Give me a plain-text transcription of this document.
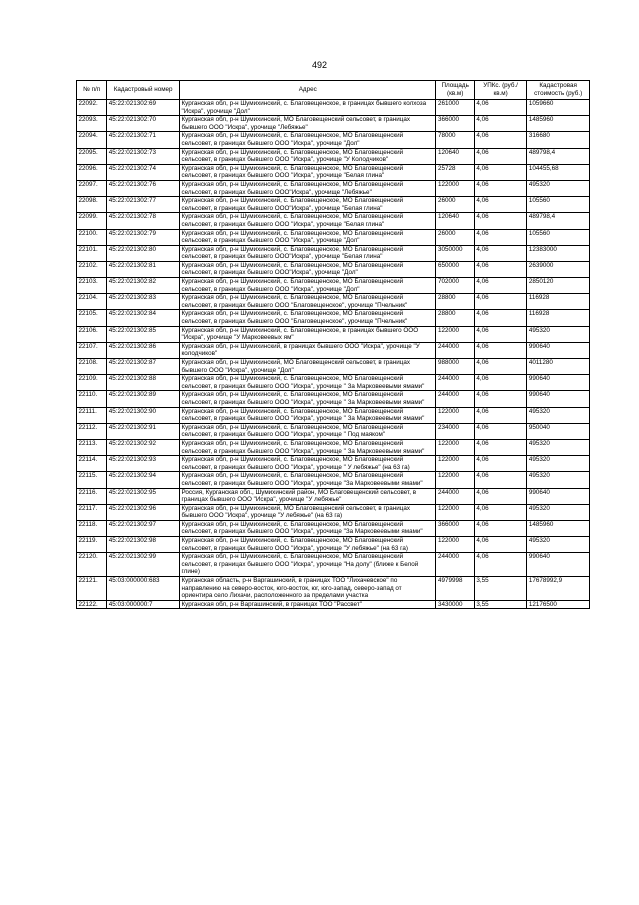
492
№ п/п	Кадастровый номер	Адрес	Площадь (кв.м)	УПКс. (руб./кв.м)	Кадастровая стоимость (руб.)
22092.	45:22:021302:69	Курганская обл, р-н Шумихинский, с. Благовещенское, в границах бывшего колхоза "Искра", урочище "Дол"	261000	4,06	1059660
22093.	45:22:021302:70	Курганская обл, р-н Шумихинский, МО Благовещенский сельсовет, в границах бывшего ООО "Искра", урочище "Лебяжье"	366000	4,06	1485960
22094.	45:22:021302:71	Курганская обл, р-н Шумихинский, с. Благовещенское, МО Благовещенский сельсовет, в границах бывшего ООО "Искра", урочище "Дол"	78000	4,06	316680
22095.	45:22:021302:73	Курганская обл, р-н Шумихинский, с. Благовещенское, МО Благовещенский сельсовет, в границах бывшего ООО "Искра", урочище "У Колодчиков"	120640	4,06	489798,4
22096.	45:22:021302:74	Курганская обл, р-н Шумихинский, с. Благовещенское, МО Благовещенский сельсовет, в границах бывшего ООО "Искра", урочище "Белая глина"	25728	4,06	104455,68
22097.	45:22:021302:76	Курганская обл, р-н Шумихинский, с. Благовещенское, МО Благовещенский сельсовет, в границах бывшего ООО"Искра", урочище "Лебяжье"	122000	4,06	495320
22098.	45:22:021302:77	Курганская обл, р-н Шумихинский, с. Благовещенское, МО Благовещенский сельсовет, в границах бывшего ООО"Искра", урочище "Белая глина"	26000	4,06	105560
22099.	45:22:021302:78	Курганская обл, р-н Шумихинский, с. Благовещенское, МО Благовещенский сельсовет, в границах бывшего ООО "Искра", урочище "Белая глина"	120640	4,06	489798,4
22100.	45:22:021302:79	Курганская обл, р-н Шумихинский, с. Благовещенское, МО Благовещенский сельсовет, в границах бывшего ООО "Искра", урочище "Дол"	26000	4,06	105560
22101.	45:22:021302:80	Курганская обл, р-н Шумихинский, с. Благовещенское, МО Благовещенский сельсовет, в границах бывшего ООО"Искра", урочище "Белая глина"	3050000	4,06	12383000
22102.	45:22:021302:81	Курганская обл, р-н Шумихинский, с. Благовещенское, МО Благовещенский сельсовет, в границах бывшего ООО"Искра", урочище "Дол"	650000	4,06	2639000
22103.	45:22:021302:82	Курганская обл, р-н Шумихинский, с. Благовещенское, МО Благовещенский сельсовет, в границах бывшего ООО "Искра", урочище "Дол"	702000	4,06	2850120
22104.	45:22:021302:83	Курганская обл, р-н Шумихинский, с. Благовещенское, МО Благовещенский сельсовет, в границах бывшего ООО "Благовещенское", урочище "Пчельник"	28800	4,06	116928
22105.	45:22:021302:84	Курганская обл, р-н Шумихинский, с. Благовещенское, МО Благовещенский сельсовет, в границах бывшего ООО "Благовещенское", урочище "Пчельник"	28800	4,06	116928
22106.	45:22:021302:85	Курганская обл, р-н Шумихинский, с. Благовещенское, в границах бывшего ООО "Искра", урочище "У Марковеевых ям"	122000	4,06	495320
22107.	45:22:021302:86	Курганская обл, р-н Шумихинский, в границах бывшего ООО "Искра", урочище "У колодчиков"	244000	4,06	990640
22108.	45:22:021302:87	Курганская обл, р-н Шумихинский, МО Благовещенский сельсовет, в границах бывшего ООО "Искра", урочище "Дол"	988000	4,06	4011280
22109.	45:22:021302:88	Курганская обл, р-н Шумихинский, с. Благовещенское, МО Благовещенский сельсовет, в границах бывшего ООО "Искра", урочище " За Марковеевыми ямами"	244000	4,06	990640
22110.	45:22:021302:89	Курганская обл, р-н Шумихинский, с. Благовещенское, МО Благовещенский сельсовет, в границах бывшего ООО "Искра", урочище " За Марковеевыми ямами"	244000	4,06	990640
22111.	45:22:021302:90	Курганская обл, р-н Шумихинский, с. Благовещенское, МО Благовещенский сельсовет, в границах бывшего ООО "Искра", урочище " За Марковеевыми ямами"	122000	4,06	495320
22112.	45:22:021302:91	Курганская обл, р-н Шумихинский, с. Благовещенское, МО Благовещенский сельсовет, в границах бывшего ООО "Искра", урочище " Под маяком"	234000	4,06	950040
22113.	45:22:021302:92	Курганская обл, р-н Шумихинский, с. Благовещенское, МО Благовещенский сельсовет, в границах бывшего ООО "Искра", урочище " За Марковеевыми ямами"	122000	4,06	495320
22114.	45:22:021302:93	Курганская обл, р-н Шумихинский, с. Благовещенское, МО Благовещенский сельсовет, в границах бывшего ООО "Искра", урочище " У лебяжье" (на 63 га)	122000	4,06	495320
22115.	45:22:021302:94	Курганская обл, р-н Шумихинский, с. Благовещенское, МО Благовещенский сельсовет, в границах бывшего ООО "Искра", урочище "За Марковеевыми ямами"	122000	4,06	495320
22116.	45:22:021302:95	Россия, Курганская обл., Шумихинский район, МО Благовещенский сельсовет, в границах бывшего ООО "Искра", урочище "У лебяжье"	244000	4,06	990640
22117.	45:22:021302:96	Курганская обл, р-н Шумихинский, МО Благовещенский сельсовет, в границах бывшего ООО "Искра", урочище "У лебяжье" (на 63 га)	122000	4,06	495320
22118.	45:22:021302:97	Курганская обл, р-н Шумихинский, с. Благовещенское, МО Благовещенский сельсовет, в границах бывшего ООО "Искра", урочище "За Марковеевыми ямами"	366000	4,06	1485960
22119.	45:22:021302:98	Курганская обл, р-н Шумихинский, с. Благовещенское, МО Благовещенский сельсовет, в границах бывшего ООО "Искра", урочище "У лебяжье" (на 63 га)	122000	4,06	495320
22120.	45:22:021302:99	Курганская обл, р-н Шумихинский, с. Благовещенское, МО Благовещенский сельсовет, в границах бывшего ООО "Искра", урочище "На долу" (ближе к Белой глине)	244000	4,06	990640
22121.	45:03:000000:683	Курганская область, р-н Варгашинский, в границах ТОО "Лихачевское" по направлению на северо-восток, юго-восток, юг, юго-запад, северо-запад от ориентира село Лихачи, расположенного за пределами участка	4979998	3,55	17678992,9
22122.	45:03:000000:7	Курганская обл, р-н Варгашинский, в границах ТОО "Рассвет"	3430000	3,55	12176500
